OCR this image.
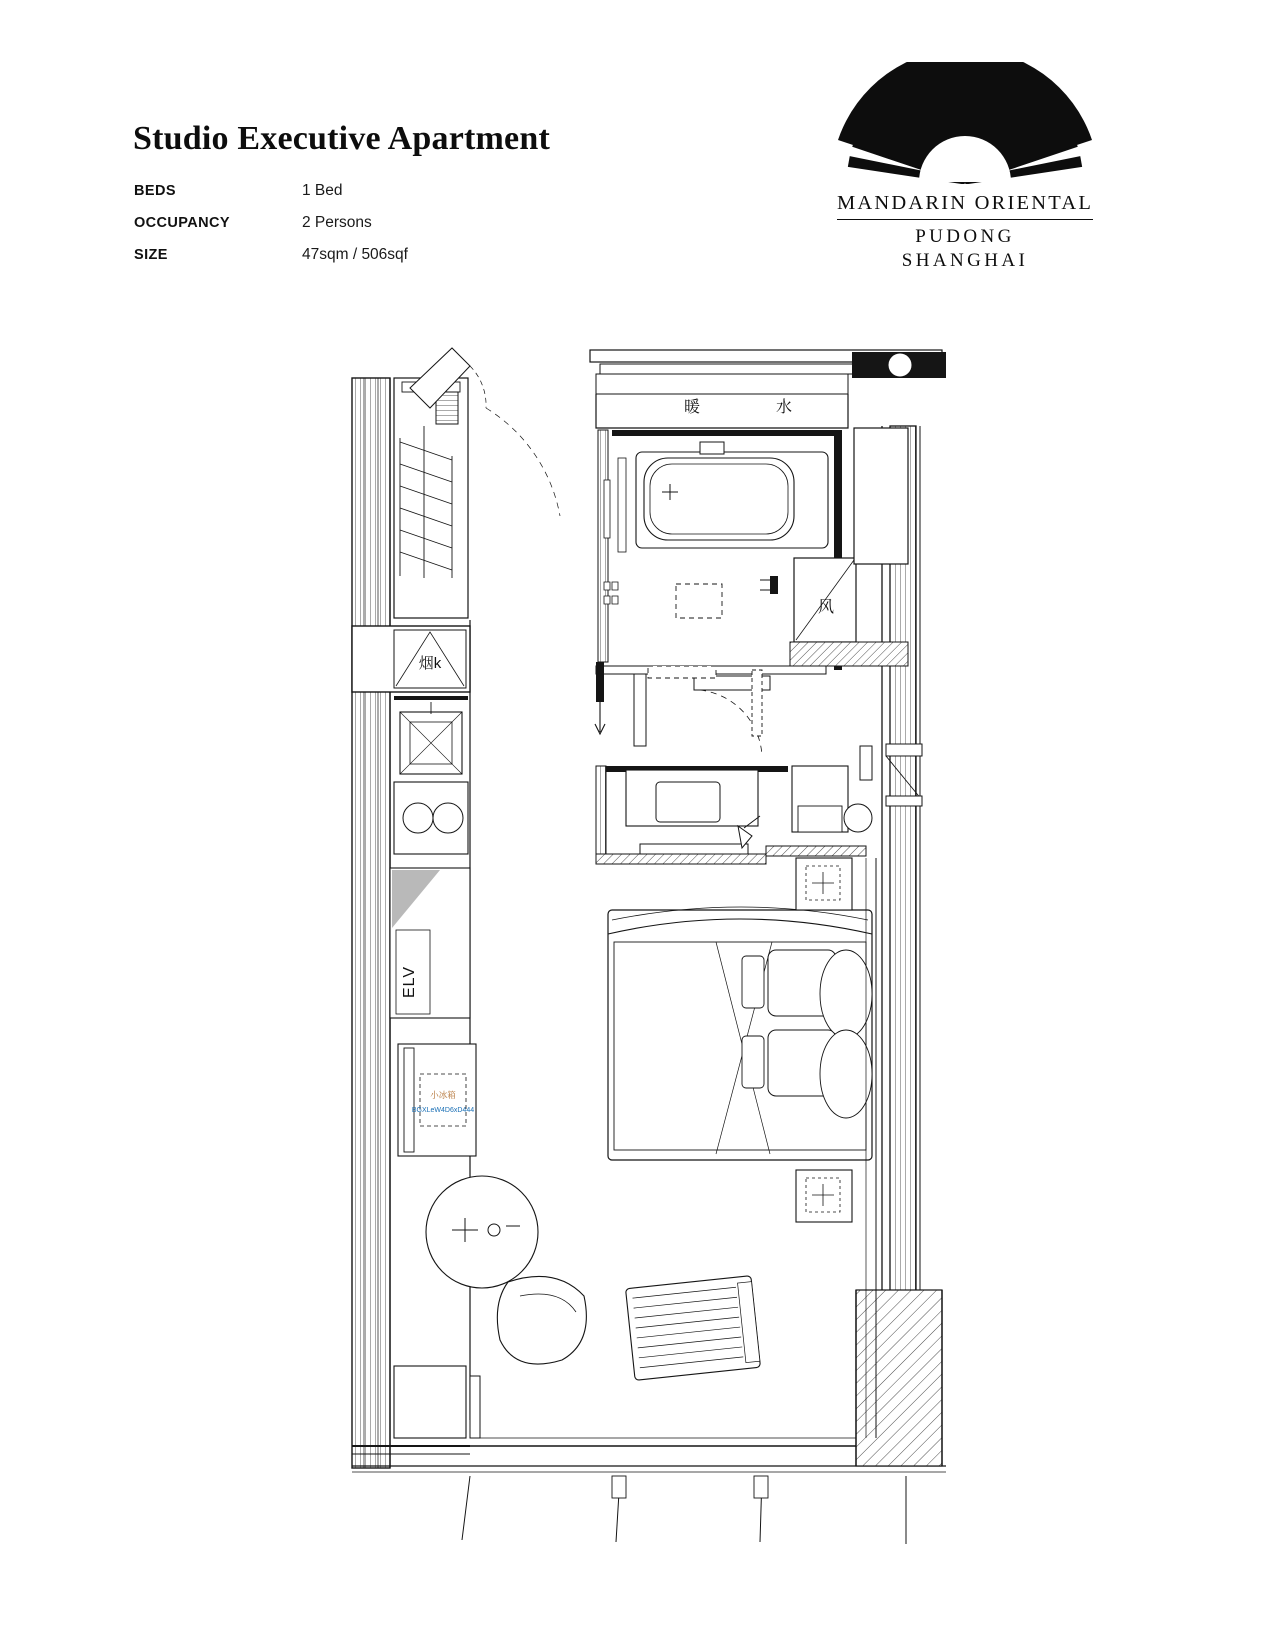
Studio Executive Apartment
BEDS	1 Bed
OCCUPANCY	2 Persons
SIZE	47sqm / 506sqf
MANDARIN ORIENTAL
PUDONG
SHANGHAI
烟k
ELV
小冰箱
BGXLeW4D6xD444
暖	水
风
